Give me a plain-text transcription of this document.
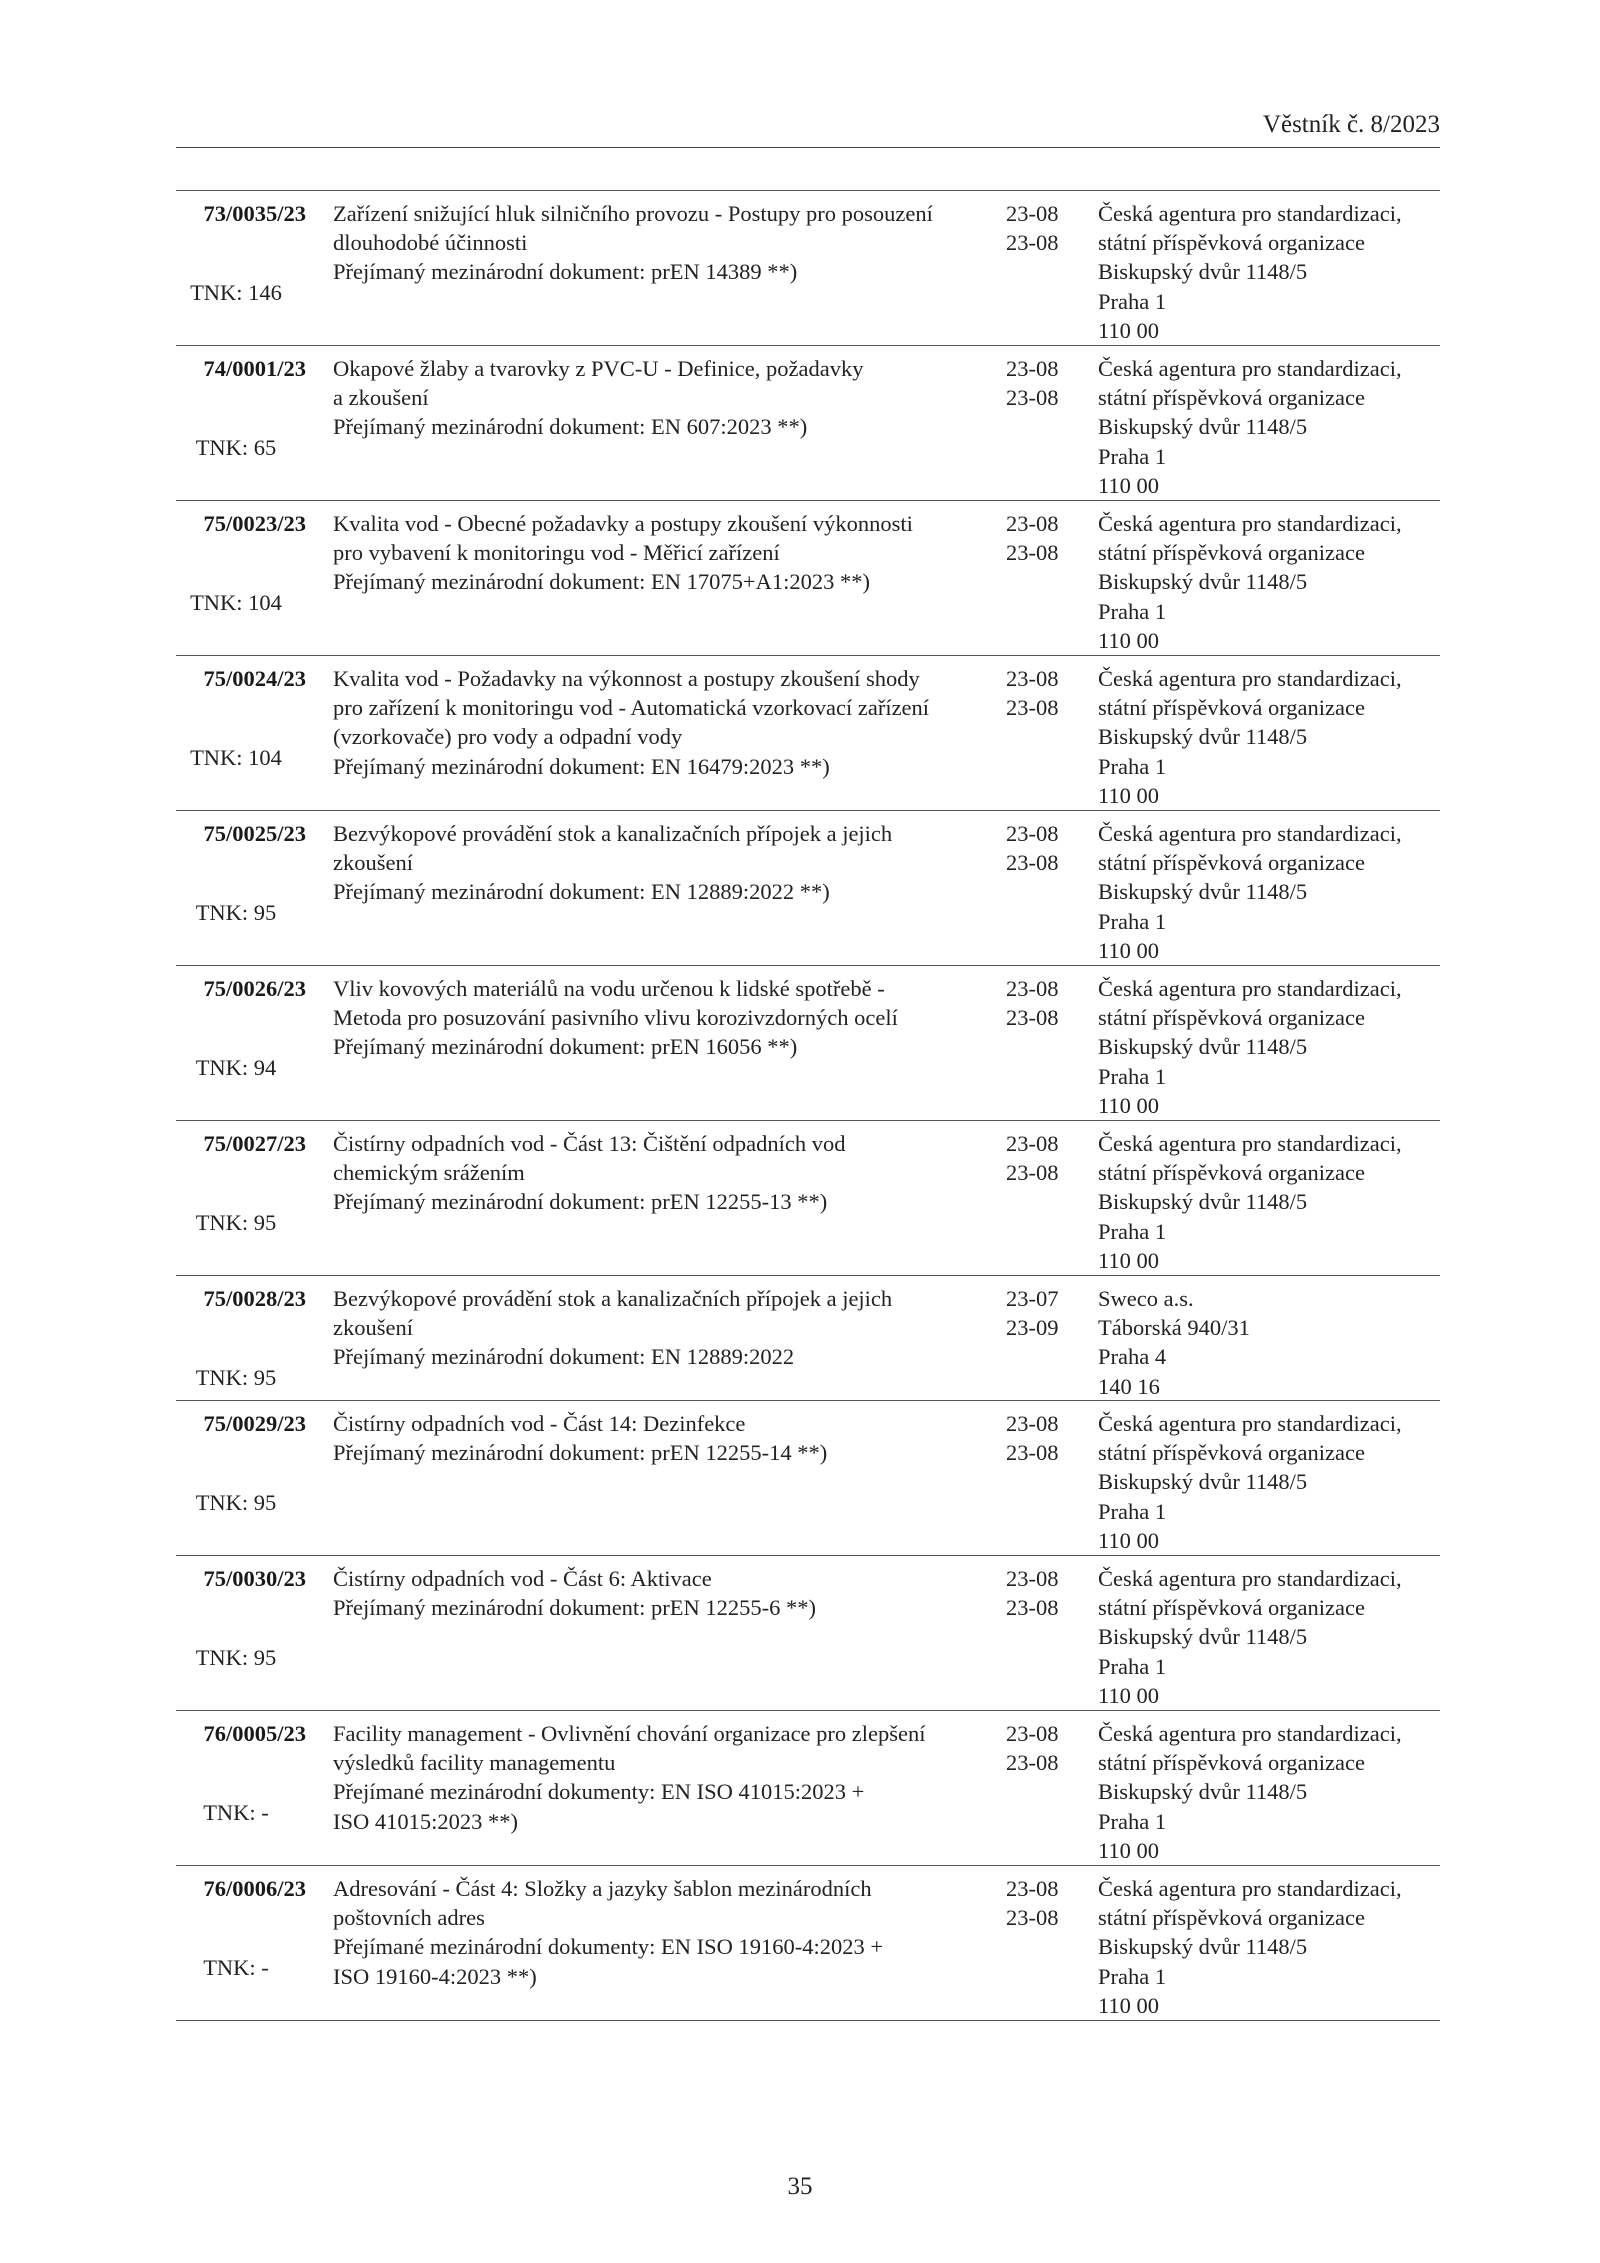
Věstník č. 8/2023
73/0035/23
TNK: 146
Zařízení snižující hluk silničního provozu - Postupy pro posouzení
dlouhodobé účinnosti
Přejímaný mezinárodní dokument: prEN 14389 **)
23-08
23-08
Česká agentura pro standardizaci,
státní příspěvková organizace
Biskupský dvůr 1148/5
Praha 1
110 00
74/0001/23
TNK: 65
Okapové žlaby a tvarovky z PVC-U - Definice, požadavky
a zkoušení
Přejímaný mezinárodní dokument: EN 607:2023 **)
23-08
23-08
Česká agentura pro standardizaci,
státní příspěvková organizace
Biskupský dvůr 1148/5
Praha 1
110 00
75/0023/23
TNK: 104
Kvalita vod - Obecné požadavky a postupy zkoušení výkonnosti
pro vybavení k monitoringu vod - Měřicí zařízení
Přejímaný mezinárodní dokument: EN 17075+A1:2023 **)
23-08
23-08
Česká agentura pro standardizaci,
státní příspěvková organizace
Biskupský dvůr 1148/5
Praha 1
110 00
75/0024/23
TNK: 104
Kvalita vod - Požadavky na výkonnost a postupy zkoušení shody
pro zařízení k monitoringu vod - Automatická vzorkovací zařízení
(vzorkovače) pro vody a odpadní vody
Přejímaný mezinárodní dokument: EN 16479:2023 **)
23-08
23-08
Česká agentura pro standardizaci,
státní příspěvková organizace
Biskupský dvůr 1148/5
Praha 1
110 00
75/0025/23
TNK: 95
Bezvýkopové provádění stok a kanalizačních přípojek a jejich
zkoušení
Přejímaný mezinárodní dokument: EN 12889:2022 **)
23-08
23-08
Česká agentura pro standardizaci,
státní příspěvková organizace
Biskupský dvůr 1148/5
Praha 1
110 00
75/0026/23
TNK: 94
Vliv kovových materiálů na vodu určenou k lidské spotřebě -
Metoda pro posuzování pasivního vlivu korozivzdorných ocelí
Přejímaný mezinárodní dokument: prEN 16056 **)
23-08
23-08
Česká agentura pro standardizaci,
státní příspěvková organizace
Biskupský dvůr 1148/5
Praha 1
110 00
75/0027/23
TNK: 95
Čistírny odpadních vod - Část 13: Čištění odpadních vod
chemickým srážením
Přejímaný mezinárodní dokument: prEN 12255-13 **)
23-08
23-08
Česká agentura pro standardizaci,
státní příspěvková organizace
Biskupský dvůr 1148/5
Praha 1
110 00
75/0028/23
TNK: 95
Bezvýkopové provádění stok a kanalizačních přípojek a jejich
zkoušení
Přejímaný mezinárodní dokument: EN 12889:2022
23-07
23-09
Sweco a.s.
Táborská 940/31
Praha 4
140 16
75/0029/23
TNK: 95
Čistírny odpadních vod - Část 14: Dezinfekce
Přejímaný mezinárodní dokument: prEN 12255-14 **)
23-08
23-08
Česká agentura pro standardizaci,
státní příspěvková organizace
Biskupský dvůr 1148/5
Praha 1
110 00
75/0030/23
TNK: 95
Čistírny odpadních vod - Část 6: Aktivace
Přejímaný mezinárodní dokument: prEN 12255-6 **)
23-08
23-08
Česká agentura pro standardizaci,
státní příspěvková organizace
Biskupský dvůr 1148/5
Praha 1
110 00
76/0005/23
TNK: -
Facility management - Ovlivnění chování organizace pro zlepšení
výsledků facility managementu
Přejímané mezinárodní dokumenty: EN ISO 41015:2023 +
ISO 41015:2023 **)
23-08
23-08
Česká agentura pro standardizaci,
státní příspěvková organizace
Biskupský dvůr 1148/5
Praha 1
110 00
76/0006/23
TNK: -
Adresování - Část 4: Složky a jazyky šablon mezinárodních
poštovních adres
Přejímané mezinárodní dokumenty: EN ISO 19160-4:2023 +
ISO 19160-4:2023 **)
23-08
23-08
Česká agentura pro standardizaci,
státní příspěvková organizace
Biskupský dvůr 1148/5
Praha 1
110 00
35
